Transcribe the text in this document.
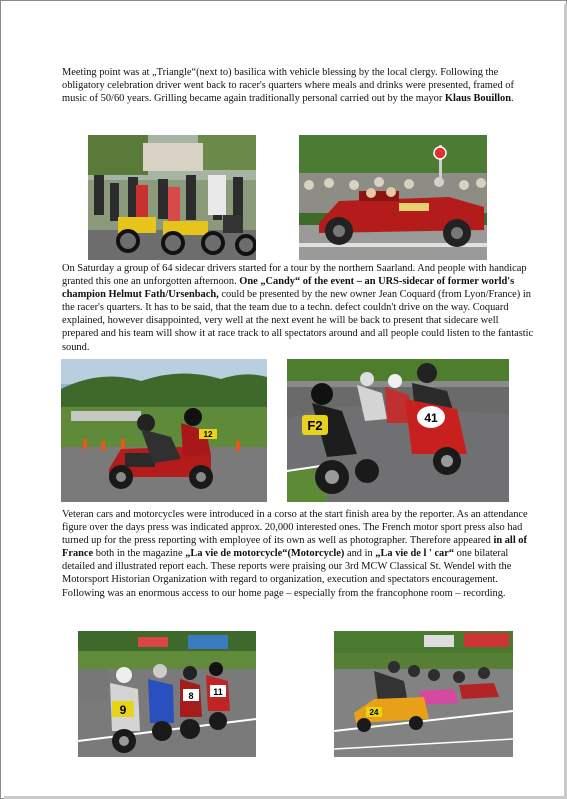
Meeting point was at „Triangle“(next to) basilica with vehicle blessing by the local clergy. Following the obligatory celebration driver went back to racer's quarters where meals and drinks were presented, framed of music of 50/60 years. Grilling became again traditionally personal carried out by the mayor Klaus Bouillon.

On Saturday a group of 64 sidecar drivers started for a tour by the northern Saarland. And people with handicap granted this one an unforgotten afternoon. One „Candy“ of the event – an URS-sidecar of former world's champion Helmut Fath/Ursenbach, could be presented by the new owner Jean Coquard (from Lyon/France) in the racer's quarters. It has to be said, that the team due to a techn. defect couldn't drive on the way. Coquard explained, however disappointed, very well at the next event he will be back to present that sidecare well prepared and his team will show it at race track to all spectators around and all people could listen to the fantastic sound.

12
F2	41

Veteran cars and motorcycles were introduced in a corso at the start finish area by the reporter. As an attendance figure over the days press was indicated approx. 20,000 interested ones. The French motor sport press also had turned up for the press reporting with employee of its own as well as photographer. Therefore appeared in all of France both in the magazine „La vie de motorcycle“(Motorcycle) and in „La vie de l ' car“ one bilateral detailed and illustrated report each. These reports were praising our 3rd MCW Classical St. Wendel with the Motorsport Historian Organization with regard to organization, execution and spectators encouragement. Following was an enormous access to our home page – especially from the francophone room – recording.

11
8
9	24
